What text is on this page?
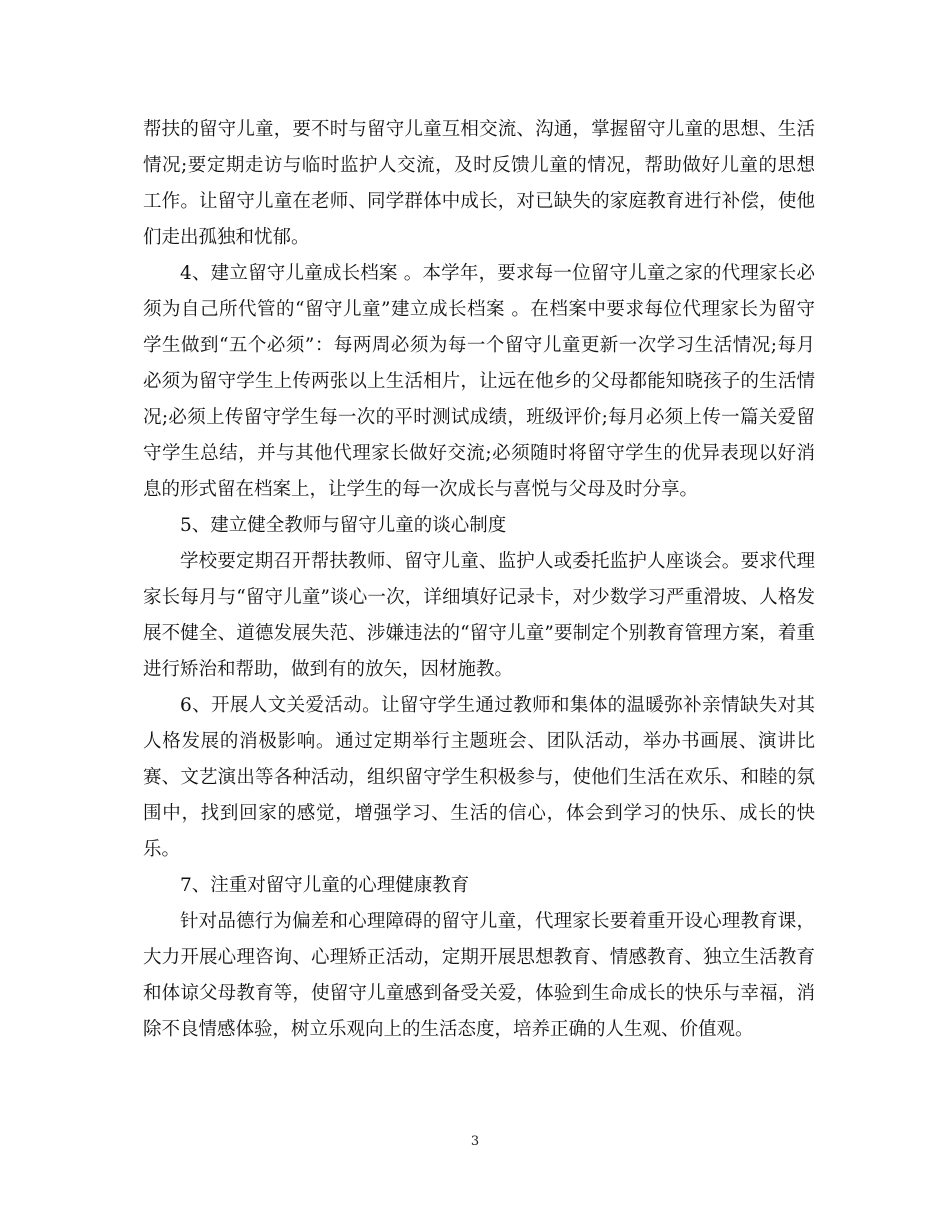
帮扶的留守儿童，要不时与留守儿童互相交流、沟通，掌握留守儿童的思想、生活情况;要定期走访与临时监护人交流，及时反馈儿童的情况，帮助做好儿童的思想工作。让留守儿童在老师、同学群体中成长，对已缺失的家庭教育进行补偿，使他们走出孤独和忧郁。

4、建立留守儿童成长档案 。本学年，要求每一位留守儿童之家的代理家长必须为自己所代管的“留守儿童”建立成长档案 。在档案中要求每位代理家长为留守学生做到“五个必须”：每两周必须为每一个留守儿童更新一次学习生活情况;每月必须为留守学生上传两张以上生活相片，让远在他乡的父母都能知晓孩子的生活情况;必须上传留守学生每一次的平时测试成绩，班级评价;每月必须上传一篇关爱留守学生总结，并与其他代理家长做好交流;必须随时将留守学生的优异表现以好消息的形式留在档案上，让学生的每一次成长与喜悦与父母及时分享。

5、建立健全教师与留守儿童的谈心制度

学校要定期召开帮扶教师、留守儿童、监护人或委托监护人座谈会。要求代理家长每月与“留守儿童”谈心一次，详细填好记录卡，对少数学习严重滑坡、人格发展不健全、道德发展失范、涉嫌违法的“留守儿童”要制定个别教育管理方案，着重进行矫治和帮助，做到有的放矢，因材施教。

6、开展人文关爱活动。让留守学生通过教师和集体的温暖弥补亲情缺失对其人格发展的消极影响。通过定期举行主题班会、团队活动，举办书画展、演讲比赛、文艺演出等各种活动，组织留守学生积极参与，使他们生活在欢乐、和睦的氛围中，找到回家的感觉，增强学习、生活的信心，体会到学习的快乐、成长的快乐。

7、注重对留守儿童的心理健康教育

针对品德行为偏差和心理障碍的留守儿童，代理家长要着重开设心理教育课，大力开展心理咨询、心理矫正活动，定期开展思想教育、情感教育、独立生活教育和体谅父母教育等，使留守儿童感到备受关爱，体验到生命成长的快乐与幸福，消除不良情感体验，树立乐观向上的生活态度，培养正确的人生观、价值观。

3
